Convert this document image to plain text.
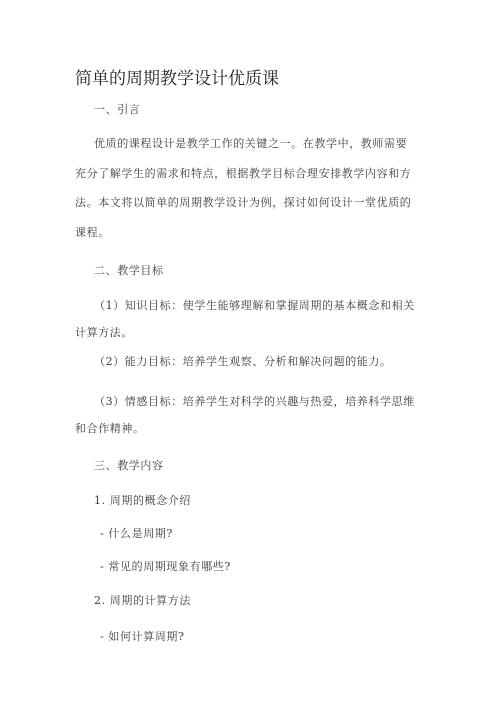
简单的周期教学设计优质课
一、引言
优质的课程设计是教学工作的关键之一。在教学中，教师需要
充分了解学生的需求和特点，根据教学目标合理安排教学内容和方
法。本文将以简单的周期教学设计为例，探讨如何设计一堂优质的
课程。
二、教学目标
（1）知识目标：使学生能够理解和掌握周期的基本概念和相关
计算方法。
（2）能力目标：培养学生观察、分析和解决问题的能力。
（3）情感目标：培养学生对科学的兴趣与热爱，培养科学思维
和合作精神。
三、教学内容
1. 周期的概念介绍
- 什么是周期?
- 常见的周期现象有哪些?
2. 周期的计算方法
- 如何计算周期?
